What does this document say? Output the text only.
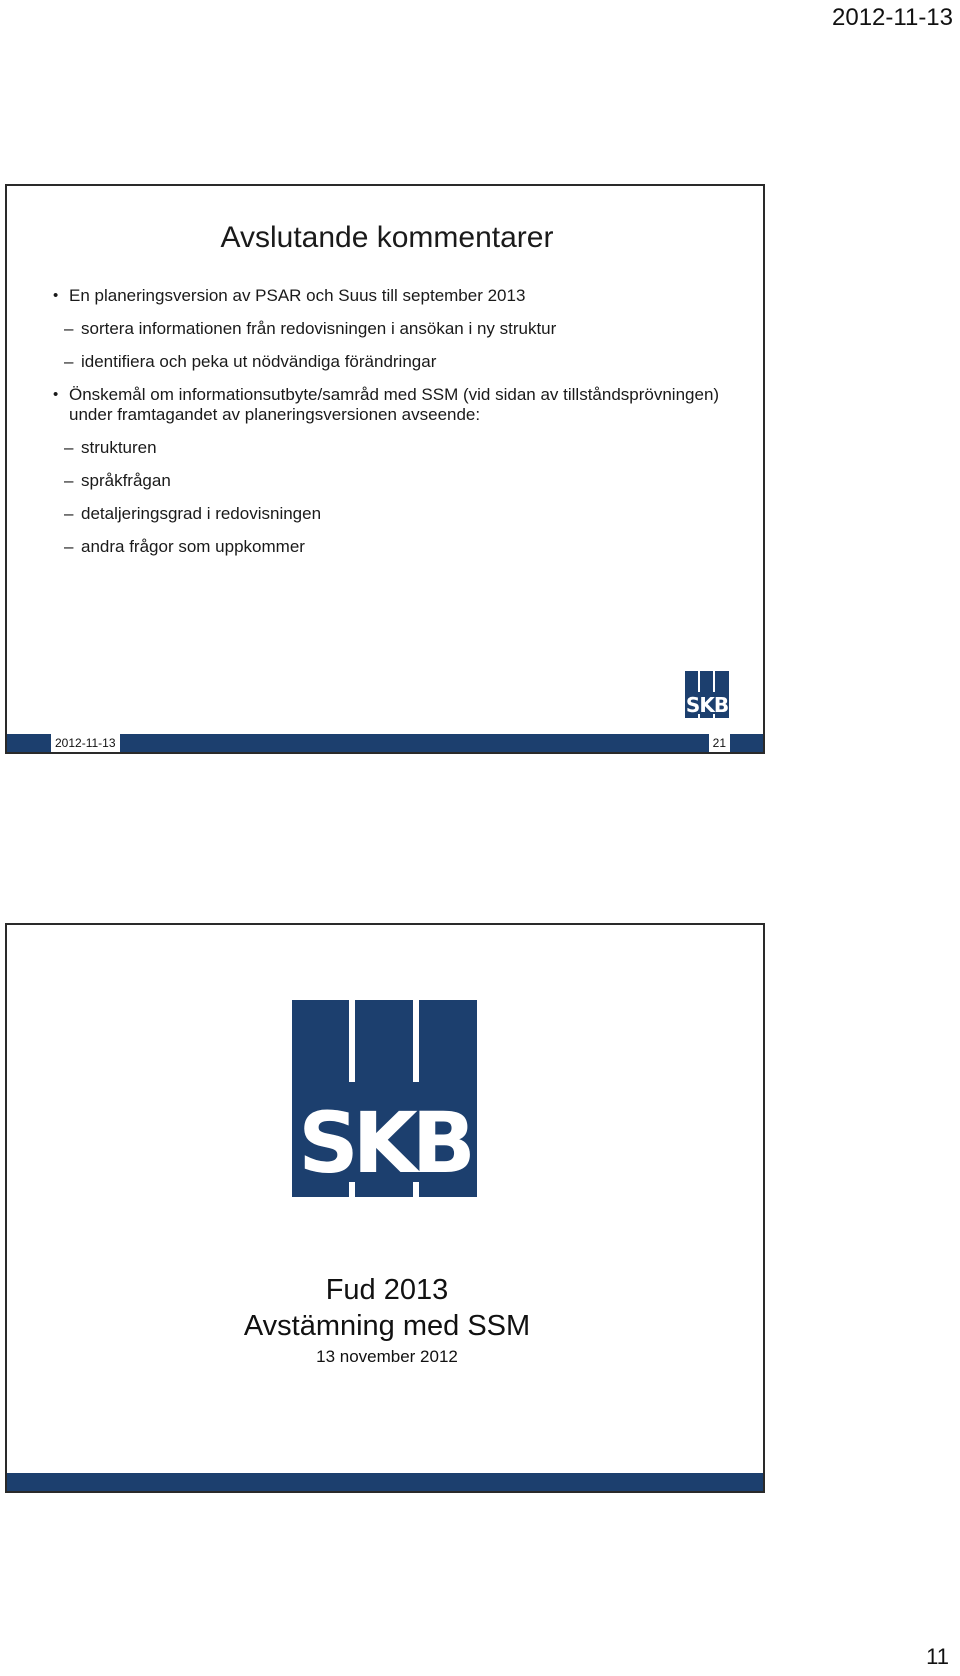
2012-11-13
Avslutande kommentarer
• En planeringsversion av PSAR och Suus till september 2013
– sortera informationen från redovisningen i ansökan i ny struktur
– identifiera och peka ut nödvändiga förändringar
• Önskemål om informationsutbyte/samråd med SSM (vid sidan av tillståndsprövningen) under framtagandet av planeringsversionen avseende:
– strukturen
– språkfrågan
– detaljeringsgrad i redovisningen
– andra frågor som uppkommer
SKB
2012-11-13	21
SKB
Fud 2013
Avstämning med SSM
13 november 2012
11
